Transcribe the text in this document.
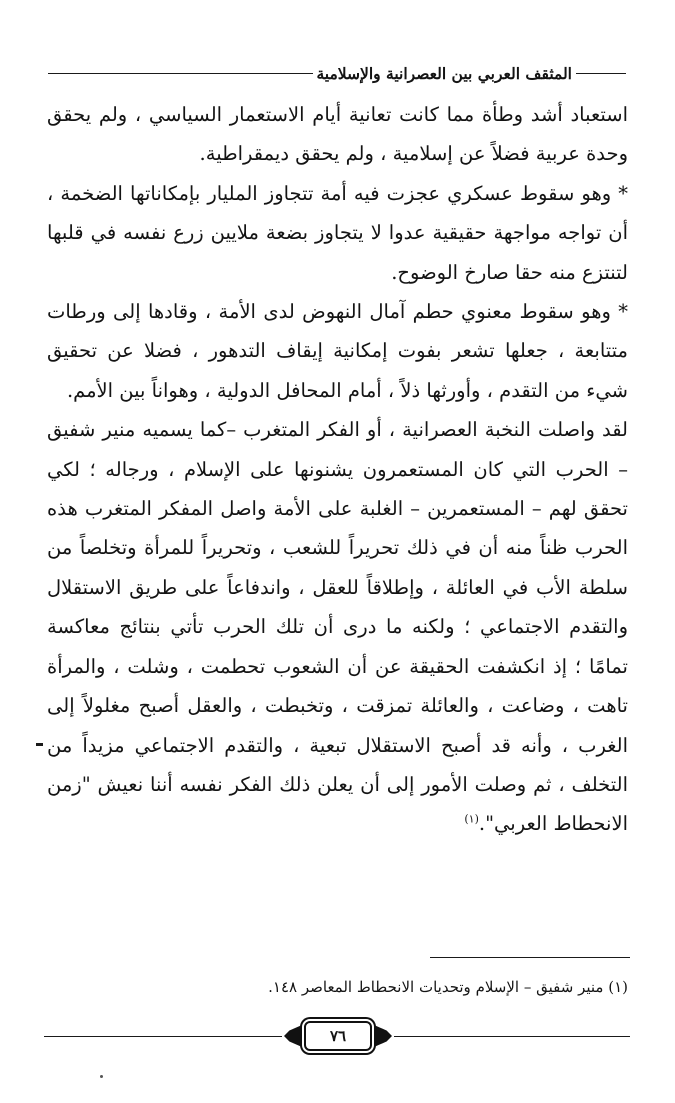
المثقف العربي بين العصرانية والإسلامية

استعباد أشد وطأة مما كانت تعانية أيام الاستعمار السياسي ، ولم يحقق وحدة عربية فضلاً عن إسلامية ، ولم يحقق ديمقراطية.

* وهو سقوط عسكري عجزت فيه أمة تتجاوز المليار بإمكاناتها الضخمة ، أن تواجه مواجهة حقيقية عدوا لا يتجاوز بضعة ملايين زرع نفسه في قلبها لتنتزع منه حقا صارخ الوضوح.

* وهو سقوط معنوي حطم آمال النهوض لدى الأمة ، وقادها إلى ورطات متتابعة ، جعلها تشعر بفوت إمكانية إيقاف التدهور ، فضلا عن تحقيق شيء من التقدم ، وأورثها ذلاً ، أمام المحافل الدولية ، وهواناً بين الأمم.

لقد واصلت النخبة العصرانية ، أو الفكر المتغرب –كما يسميه منير شفيق – الحرب التي كان المستعمرون يشنونها على الإسلام ، ورجاله ؛ لكي تحقق لهم – المستعمرين – الغلبة على الأمة واصل المفكر المتغرب هذه الحرب ظناً منه أن في ذلك تحريراً للشعب ، وتحريراً للمرأة وتخلصاً من سلطة الأب في العائلة ، وإطلاقاً للعقل ، واندفاعاً على طريق الاستقلال والتقدم الاجتماعي ؛ ولكنه ما درى أن تلك الحرب تأتي بنتائج معاكسة تمامًا ؛ إذ انكشفت الحقيقة عن أن الشعوب تحطمت ، وشلت ، والمرأة تاهت ، وضاعت ، والعائلة تمزقت ، وتخبطت ، والعقل أصبح مغلولاً إلى الغرب ، وأنه قد أصبح الاستقلال تبعية ، والتقدم الاجتماعي مزيداً من التخلف ، ثم وصلت الأمور إلى أن يعلن ذلك الفكر نفسه أننا نعيش "زمن الانحطاط العربي".$^{(١)}$

(١) منير شفيق – الإسلام وتحديات الانحطاط المعاصر ١٤٨.
٧٦
